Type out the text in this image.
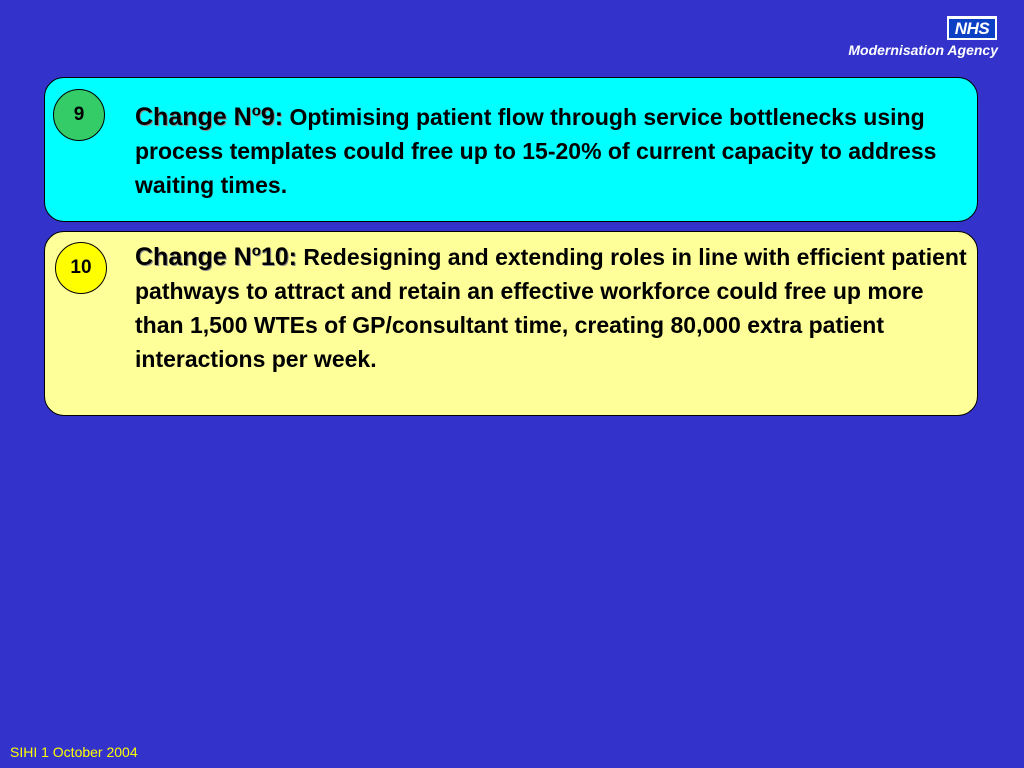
NHS
Modernisation Agency
9	Change $N^o9$: Optimising patient flow through service bottlenecks using process templates could free up to 15-20% of current capacity to address waiting times.

10	Change $N^o10$: Redesigning and extending roles in line with efficient patient pathways to attract and retain an effective workforce could free up more than 1,500 WTEs of GP/consultant time, creating 80,000 extra patient interactions per week.

SIHI 1 October 2004
